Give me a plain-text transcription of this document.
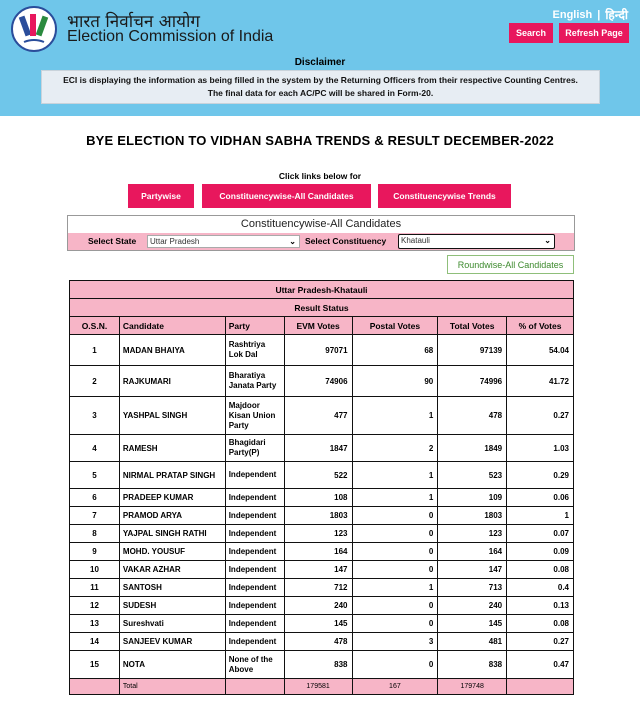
भारत निर्वाचन आयोग
Election Commission of India
English | हिन्दी
Search	Refresh Page
Disclaimer
ECI is displaying the information as being filled in the system by the Returning Officers from their respective Counting Centres.
The final data for each AC/PC will be shared in Form-20.
BYE ELECTION TO VIDHAN SABHA TRENDS & RESULT DECEMBER-2022
Click links below for
Partywise	Constituencywise-All Candidates	Constituencywise Trends
Constituencywise-All Candidates
Select State	Uttar Pradesh	⌄ Select Constituency	Khatauli	⌄
Roundwise-All Candidates
Uttar Pradesh-Khatauli						
Result Status						
O.S.N.	Candidate	Party	EVM Votes	Postal Votes	Total Votes	% of Votes
1	MADAN BHAIYA	Rashtriya Lok Dal	97071	68	97139	54.04
2	RAJKUMARI	Bharatiya Janata Party	74906	90	74996	41.72
3	YASHPAL SINGH	Majdoor Kisan Union Party	477	1	478	0.27
4	RAMESH	Bhagidari Party(P)	1847	2	1849	1.03
5	NIRMAL PRATAP SINGH	Independent	522	1	523	0.29
6	PRADEEP KUMAR	Independent	108	1	109	0.06
7	PRAMOD ARYA	Independent	1803	0	1803	1
8	YAJPAL SINGH RATHI	Independent	123	0	123	0.07
9	MOHD. YOUSUF	Independent	164	0	164	0.09
10	VAKAR AZHAR	Independent	147	0	147	0.08
11	SANTOSH	Independent	712	1	713	0.4
12	SUDESH	Independent	240	0	240	0.13
13	Sureshvati	Independent	145	0	145	0.08
14	SANJEEV KUMAR	Independent	478	3	481	0.27
15	NOTA	None of the Above	838	0	838	0.47
	Total		179581	167	179748	
